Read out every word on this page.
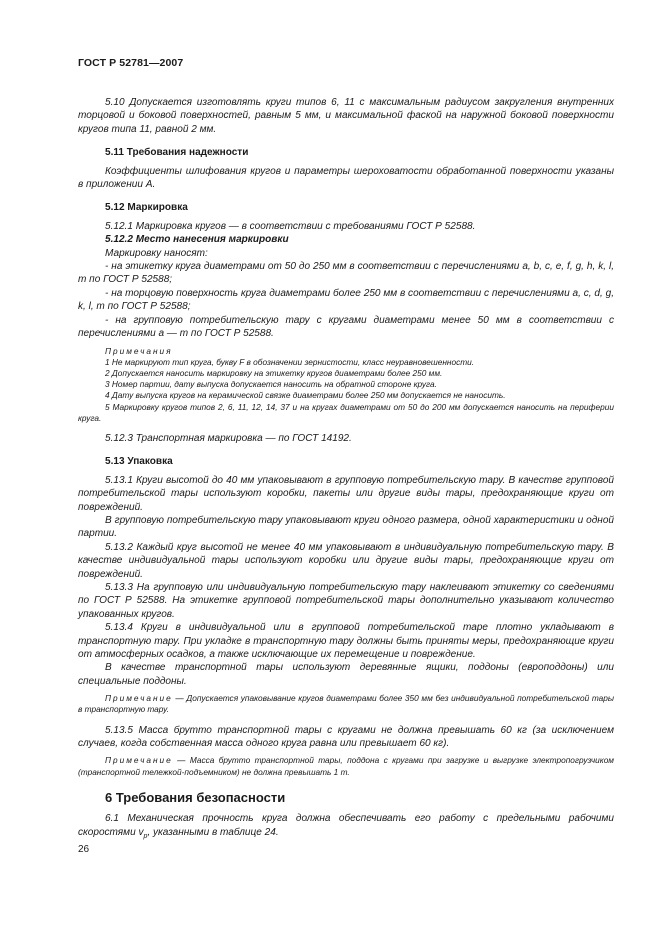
ГОСТ Р 52781—2007

5.10 Допускается изготовлять круги типов 6, 11 с максимальным радиусом закругления внутренних торцовой и боковой поверхностей, равным 5 мм, и максимальной фаской на наружной боковой поверхности кругов типа 11, равной 2 мм.

5.11 Требования надежности

Коэффициенты шлифования кругов и параметры шероховатости обработанной поверхности указаны в приложении А.

5.12 Маркировка

5.12.1 Маркировка кругов — в соответствии с требованиями ГОСТ Р 52588.

5.12.2 Место нанесения маркировки

Маркировку наносят:

- на этикетку круга диаметрами от 50 до 250 мм в соответствии с перечислениями a, b, c, e, f, g, h, k, l, m по ГОСТ Р 52588;

- на торцовую поверхность круга диаметрами более 250 мм в соответствии с перечислениями a, c, d, g, k, l, m по ГОСТ Р 52588;

- на групповую потребительскую тару с кругами диаметрами менее 50 мм в соответствии с перечислениями a — m по ГОСТ Р 52588.

Примечания

1 Не маркируют тип круга, букву F в обозначении зернистости, класс неуравновешенности.

2 Допускается наносить маркировку на этикетку кругов диаметрами более 250 мм.

3 Номер партии, дату выпуска допускается наносить на обратной стороне круга.

4 Дату выпуска кругов на керамической связке диаметрами более 250 мм допускается не наносить.

5 Маркировку кругов типов 2, 6, 11, 12, 14, 37 и на кругах диаметрами от 50 до 200 мм допускается наносить на периферии круга.

5.12.3 Транспортная маркировка — по ГОСТ 14192.

5.13 Упаковка

5.13.1 Круги высотой до 40 мм упаковывают в групповую потребительскую тару. В качестве групповой потребительской тары используют коробки, пакеты или другие виды тары, предохраняющие круги от повреждений.

В групповую потребительскую тару упаковывают круги одного размера, одной характеристики и одной партии.

5.13.2 Каждый круг высотой не менее 40 мм упаковывают в индивидуальную потребительскую тару. В качестве индивидуальной тары используют коробки или другие виды тары, предохраняющие круги от повреждений.

5.13.3 На групповую или индивидуальную потребительскую тару наклеивают этикетку со сведениями по ГОСТ Р 52588. На этикетке групповой потребительской тары дополнительно указывают количество упакованных кругов.

5.13.4 Круги в индивидуальной или в групповой потребительской таре плотно укладывают в транспортную тару. При укладке в транспортную тару должны быть приняты меры, предохраняющие круги от атмосферных осадков, а также исключающие их перемещение и повреждение.

В качестве транспортной тары используют деревянные ящики, поддоны (европоддоны) или специальные поддоны.

Примечание — Допускается упаковывание кругов диаметрами более 350 мм без индивидуальной потребительской тары в транспортную тару.

5.13.5 Масса брутто транспортной тары с кругами не должна превышать 60 кг (за исключением случаев, когда собственная масса одного круга равна или превышает 60 кг).

Примечание — Масса брутто транспортной тары, поддона с кругами при загрузке и выгрузке электропогрузчиком (транспортной тележкой-подъемником) не должна превышать 1 т.

6 Требования безопасности

6.1 Механическая прочность круга должна обеспечивать его работу с предельными рабочими скоростями $v_p$, указанными в таблице 24.

26
